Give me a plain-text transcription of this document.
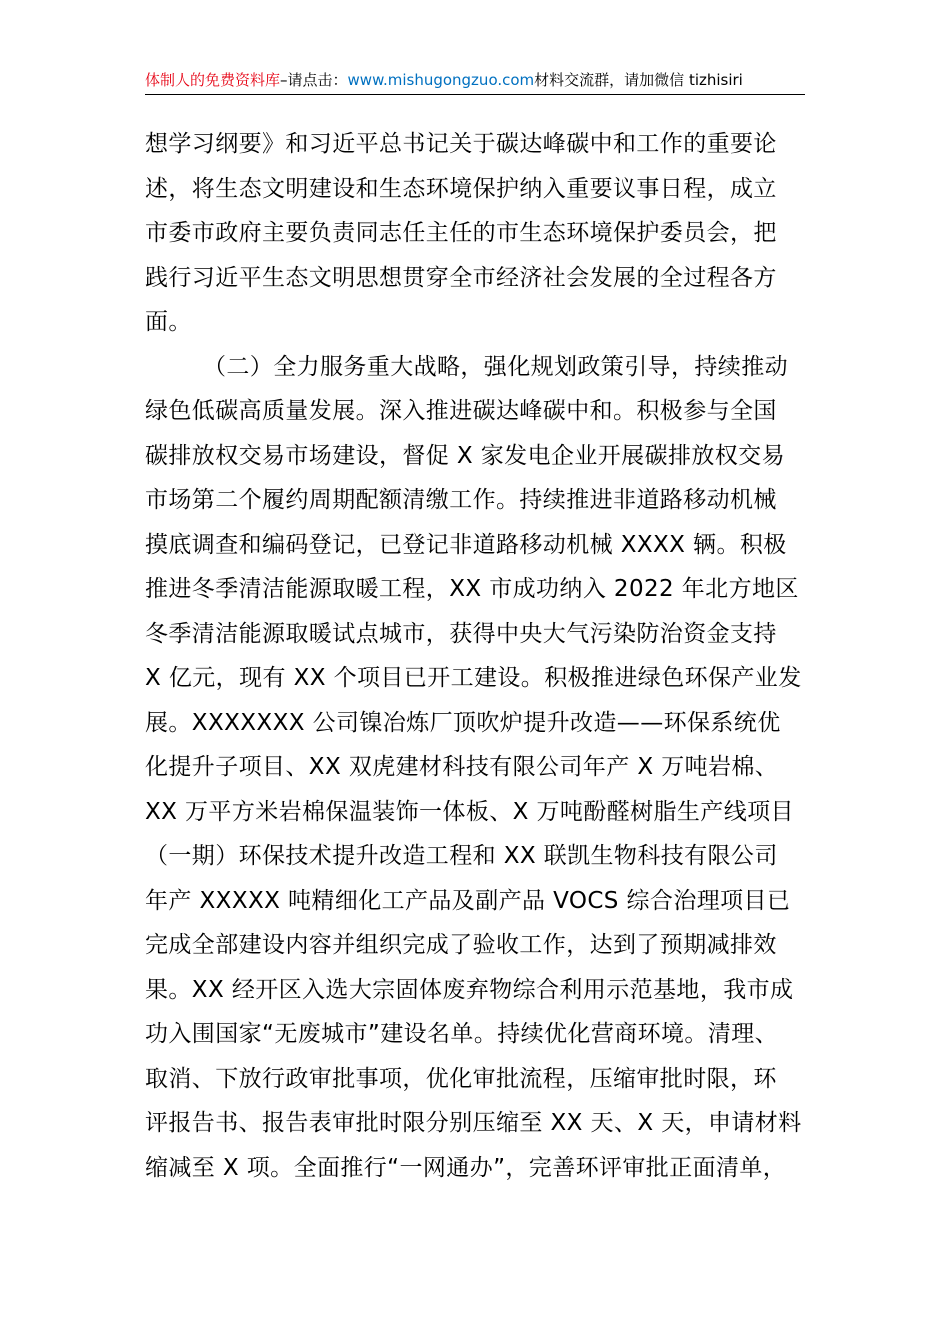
体制人的免费资料库–请点击：www.mishugongzuo.com材料交流群，请加微信 tizhisiri
想学习纲要》和习近平总书记关于碳达峰碳中和工作的重要论
述，将生态文明建设和生态环境保护纳入重要议事日程，成立
市委市政府主要负责同志任主任的市生态环境保护委员会，把
践行习近平生态文明思想贯穿全市经济社会发展的全过程各方
面。
（二）全力服务重大战略，强化规划政策引导，持续推动
绿色低碳高质量发展。深入推进碳达峰碳中和。积极参与全国
碳排放权交易市场建设，督促 X 家发电企业开展碳排放权交易
市场第二个履约周期配额清缴工作。持续推进非道路移动机械
摸底调查和编码登记，已登记非道路移动机械 XXXX 辆。积极
推进冬季清洁能源取暖工程，XX 市成功纳入 2022 年北方地区
冬季清洁能源取暖试点城市，获得中央大气污染防治资金支持
X 亿元，现有 XX 个项目已开工建设。积极推进绿色环保产业发
展。XXXXXXX 公司镍冶炼厂顶吹炉提升改造——环保系统优
化提升子项目、XX 双虎建材科技有限公司年产 X 万吨岩棉、
XX 万平方米岩棉保温装饰一体板、X 万吨酚醛树脂生产线项目
（一期）环保技术提升改造工程和 XX 联凯生物科技有限公司
年产 XXXXX 吨精细化工产品及副产品 VOCS 综合治理项目已
完成全部建设内容并组织完成了验收工作，达到了预期减排效
果。XX 经开区入选大宗固体废弃物综合利用示范基地，我市成
功入围国家“无废城市”建设名单。持续优化营商环境。清理、
取消、下放行政审批事项，优化审批流程，压缩审批时限，环
评报告书、报告表审批时限分别压缩至 XX 天、X 天，申请材料
缩减至 X 项。全面推行“一网通办”，完善环评审批正面清单，
